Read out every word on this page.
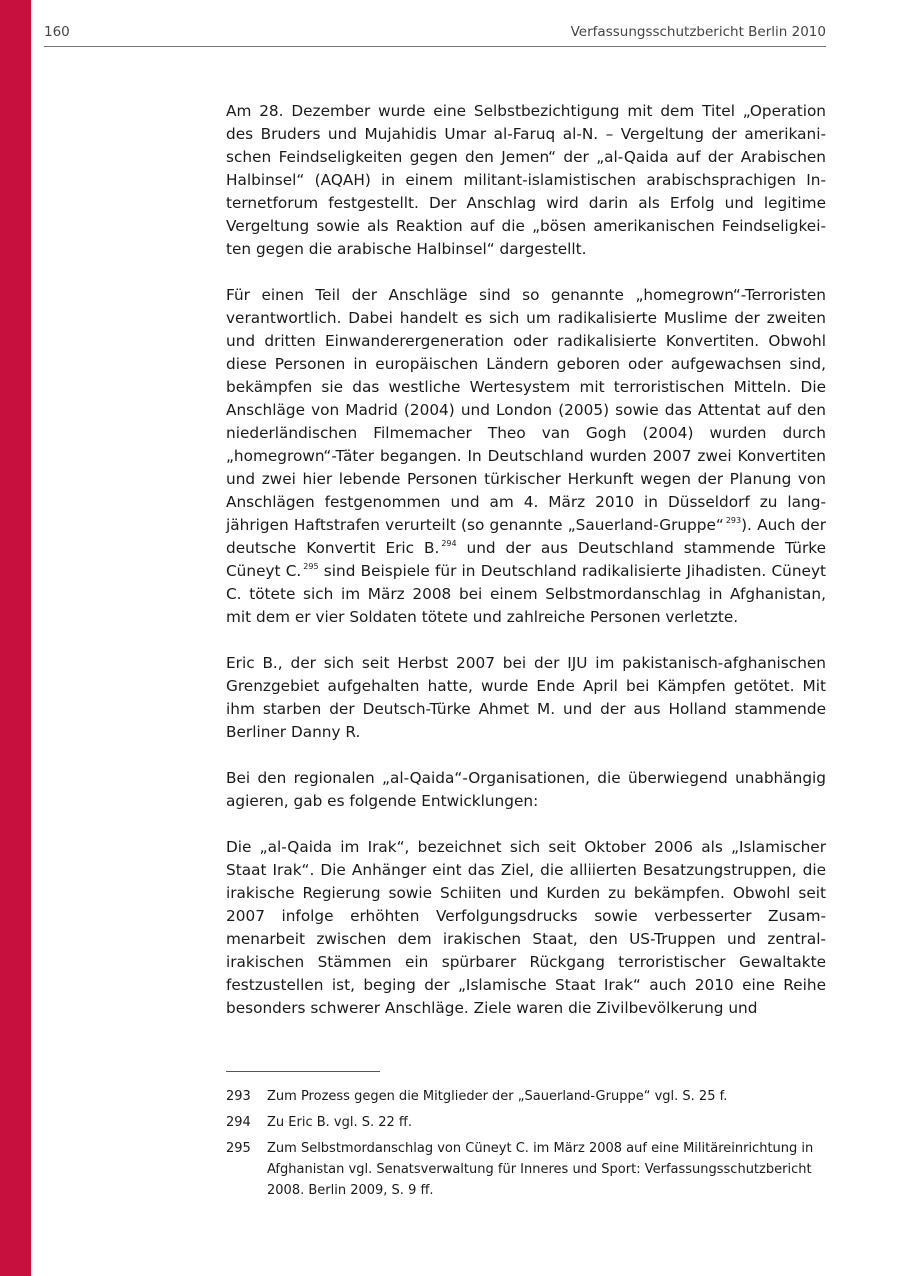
160	Verfassungsschutzbericht Berlin 2010

Am 28. Dezember wurde eine Selbstbezichtigung mit dem Titel „Operation des Bruders und Mujahidis Umar al-Faruq al-N. – Vergeltung der amerikanischen Feindseligkeiten gegen den Jemen“ der „al-Qaida auf der Arabischen Halbinsel“ (AQAH) in einem militant-islamistischen arabischsprachigen Internetforum festgestellt. Der Anschlag wird darin als Erfolg und legitime Vergeltung sowie als Reaktion auf die „bösen amerikanischen Feindseligkeiten gegen die arabische Halbinsel“ dargestellt.

Für einen Teil der Anschläge sind so genannte „homegrown“-Terroristen verantwortlich. Dabei handelt es sich um radikalisierte Muslime der zweiten und dritten Einwanderergeneration oder radikalisierte Konvertiten. Obwohl diese Personen in europäischen Ländern geboren oder aufgewachsen sind, bekämpfen sie das westliche Wertesystem mit terroristischen Mitteln. Die Anschläge von Madrid (2004) und London (2005) sowie das Attentat auf den niederländischen Filmemacher Theo van Gogh (2004) wurden durch „homegrown“-Täter begangen. In Deutschland wurden 2007 zwei Konvertiten und zwei hier lebende Personen türkischer Herkunft wegen der Planung von Anschlägen festgenommen und am 4. März 2010 in Düsseldorf zu langjährigen Haftstrafen verurteilt (so genannte „Sauerland-Gruppe“ $^{293}$). Auch der deutsche Konvertit Eric B. $^{294}$ und der aus Deutschland stammende Türke Cüneyt C. $^{295}$ sind Beispiele für in Deutschland radikalisierte Jihadisten. Cüneyt C. tötete sich im März 2008 bei einem Selbstmordanschlag in Afghanistan, mit dem er vier Soldaten tötete und zahlreiche Personen verletzte.

Eric B., der sich seit Herbst 2007 bei der IJU im pakistanisch-afghanischen Grenzgebiet aufgehalten hatte, wurde Ende April bei Kämpfen getötet. Mit ihm starben der Deutsch-Türke Ahmet M. und der aus Holland stammende Berliner Danny R.

Bei den regionalen „al-Qaida“-Organisationen, die überwiegend unabhängig agieren, gab es folgende Entwicklungen:

Die „al-Qaida im Irak“, bezeichnet sich seit Oktober 2006 als „Islamischer Staat Irak“. Die Anhänger eint das Ziel, die alliierten Besatzungstruppen, die irakische Regierung sowie Schiiten und Kurden zu bekämpfen. Obwohl seit 2007 infolge erhöhten Verfolgungsdrucks sowie verbesserter Zusammenarbeit zwischen dem irakischen Staat, den US-Truppen und zentralirakischen Stämmen ein spürbarer Rückgang terroristischer Gewaltakte festzustellen ist, beging der „Islamische Staat Irak“ auch 2010 eine Reihe besonders schwerer Anschläge. Ziele waren die Zivilbevölkerung und

293	Zum Prozess gegen die Mitglieder der „Sauerland-Gruppe“ vgl. S. 25 f.
294	Zu Eric B. vgl. S. 22 ff.
295	Zum Selbstmordanschlag von Cüneyt C. im März 2008 auf eine Militäreinrichtung in Afghanistan vgl. Senatsverwaltung für Inneres und Sport: Verfassungsschutzbericht 2008. Berlin 2009, S. 9 ff.
